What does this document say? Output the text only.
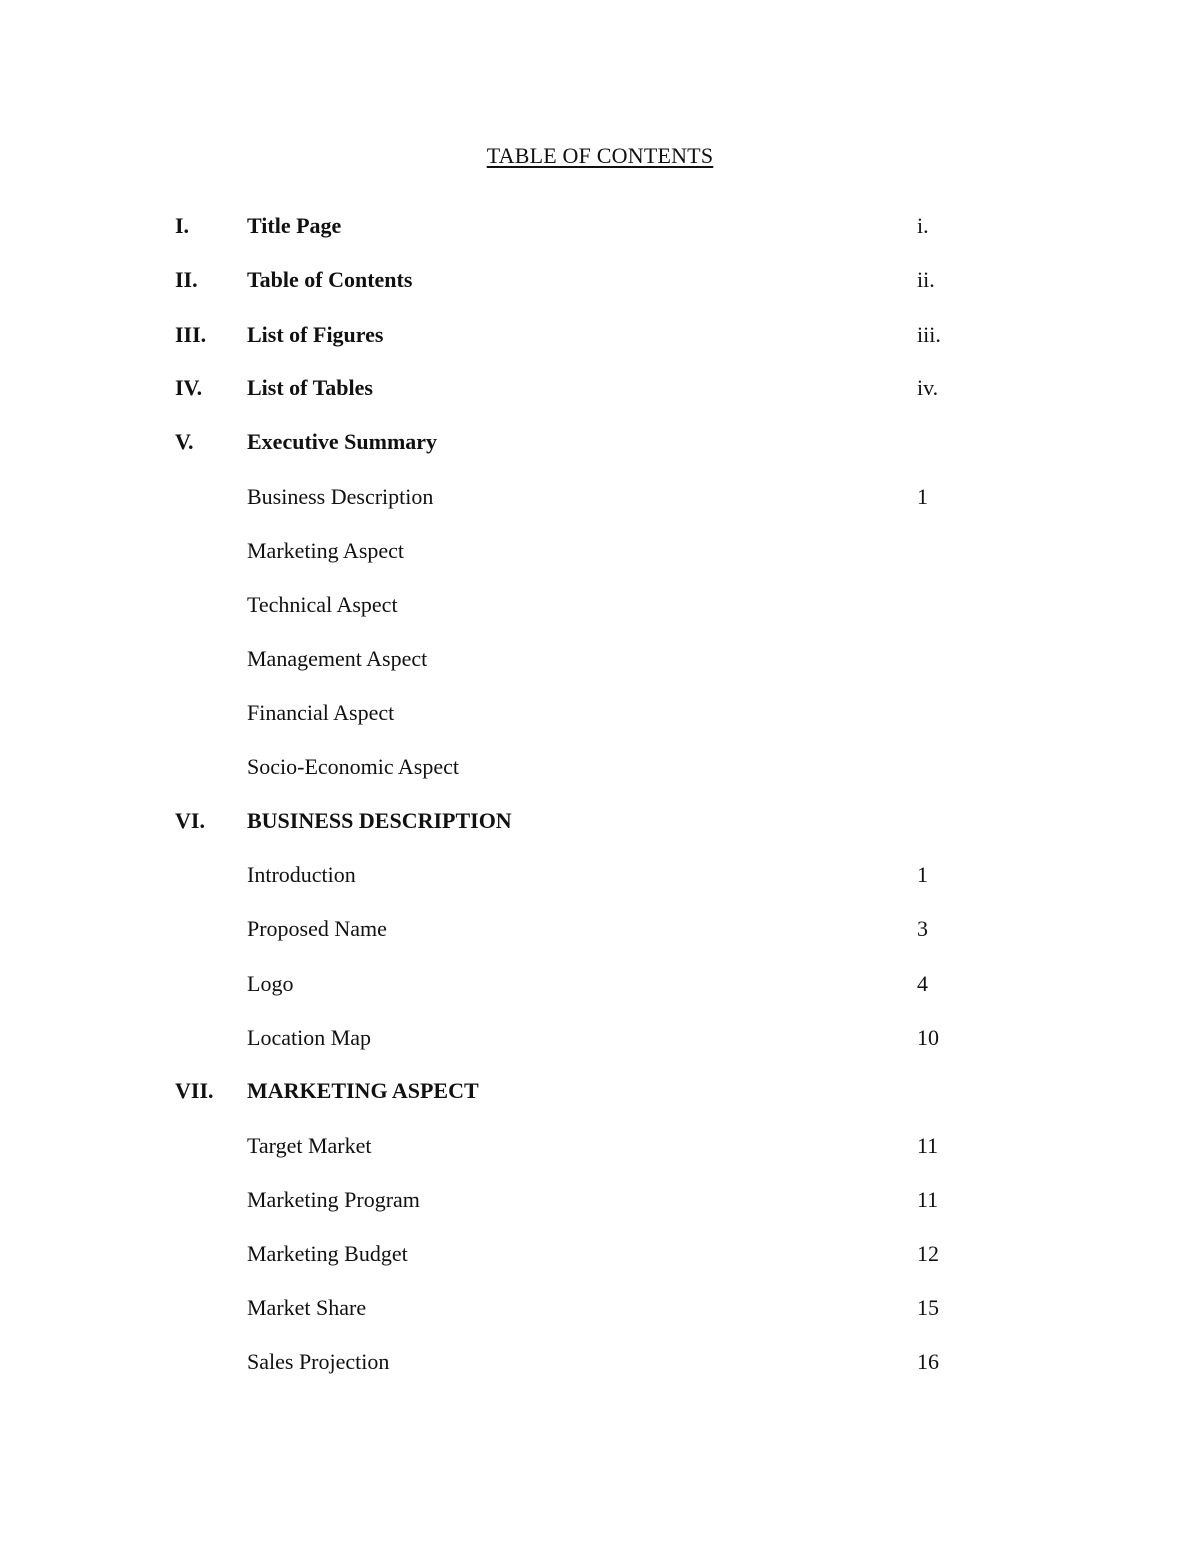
TABLE OF CONTENTS
I.	Title Page	i.
II. Table of Contents	ii.
III. List of Figures	iii.
IV. List of Tables	iv.
V. Executive Summary
Business Description	1
Marketing Aspect
Technical Aspect
Management Aspect
Financial Aspect
Socio-Economic Aspect
VI. BUSINESS DESCRIPTION
Introduction	1
Proposed Name	3
Logo	4
Location Map	10
VII. MARKETING ASPECT
Target Market	11
Marketing Program	11
Marketing Budget	12
Market Share	15
Sales Projection	16
